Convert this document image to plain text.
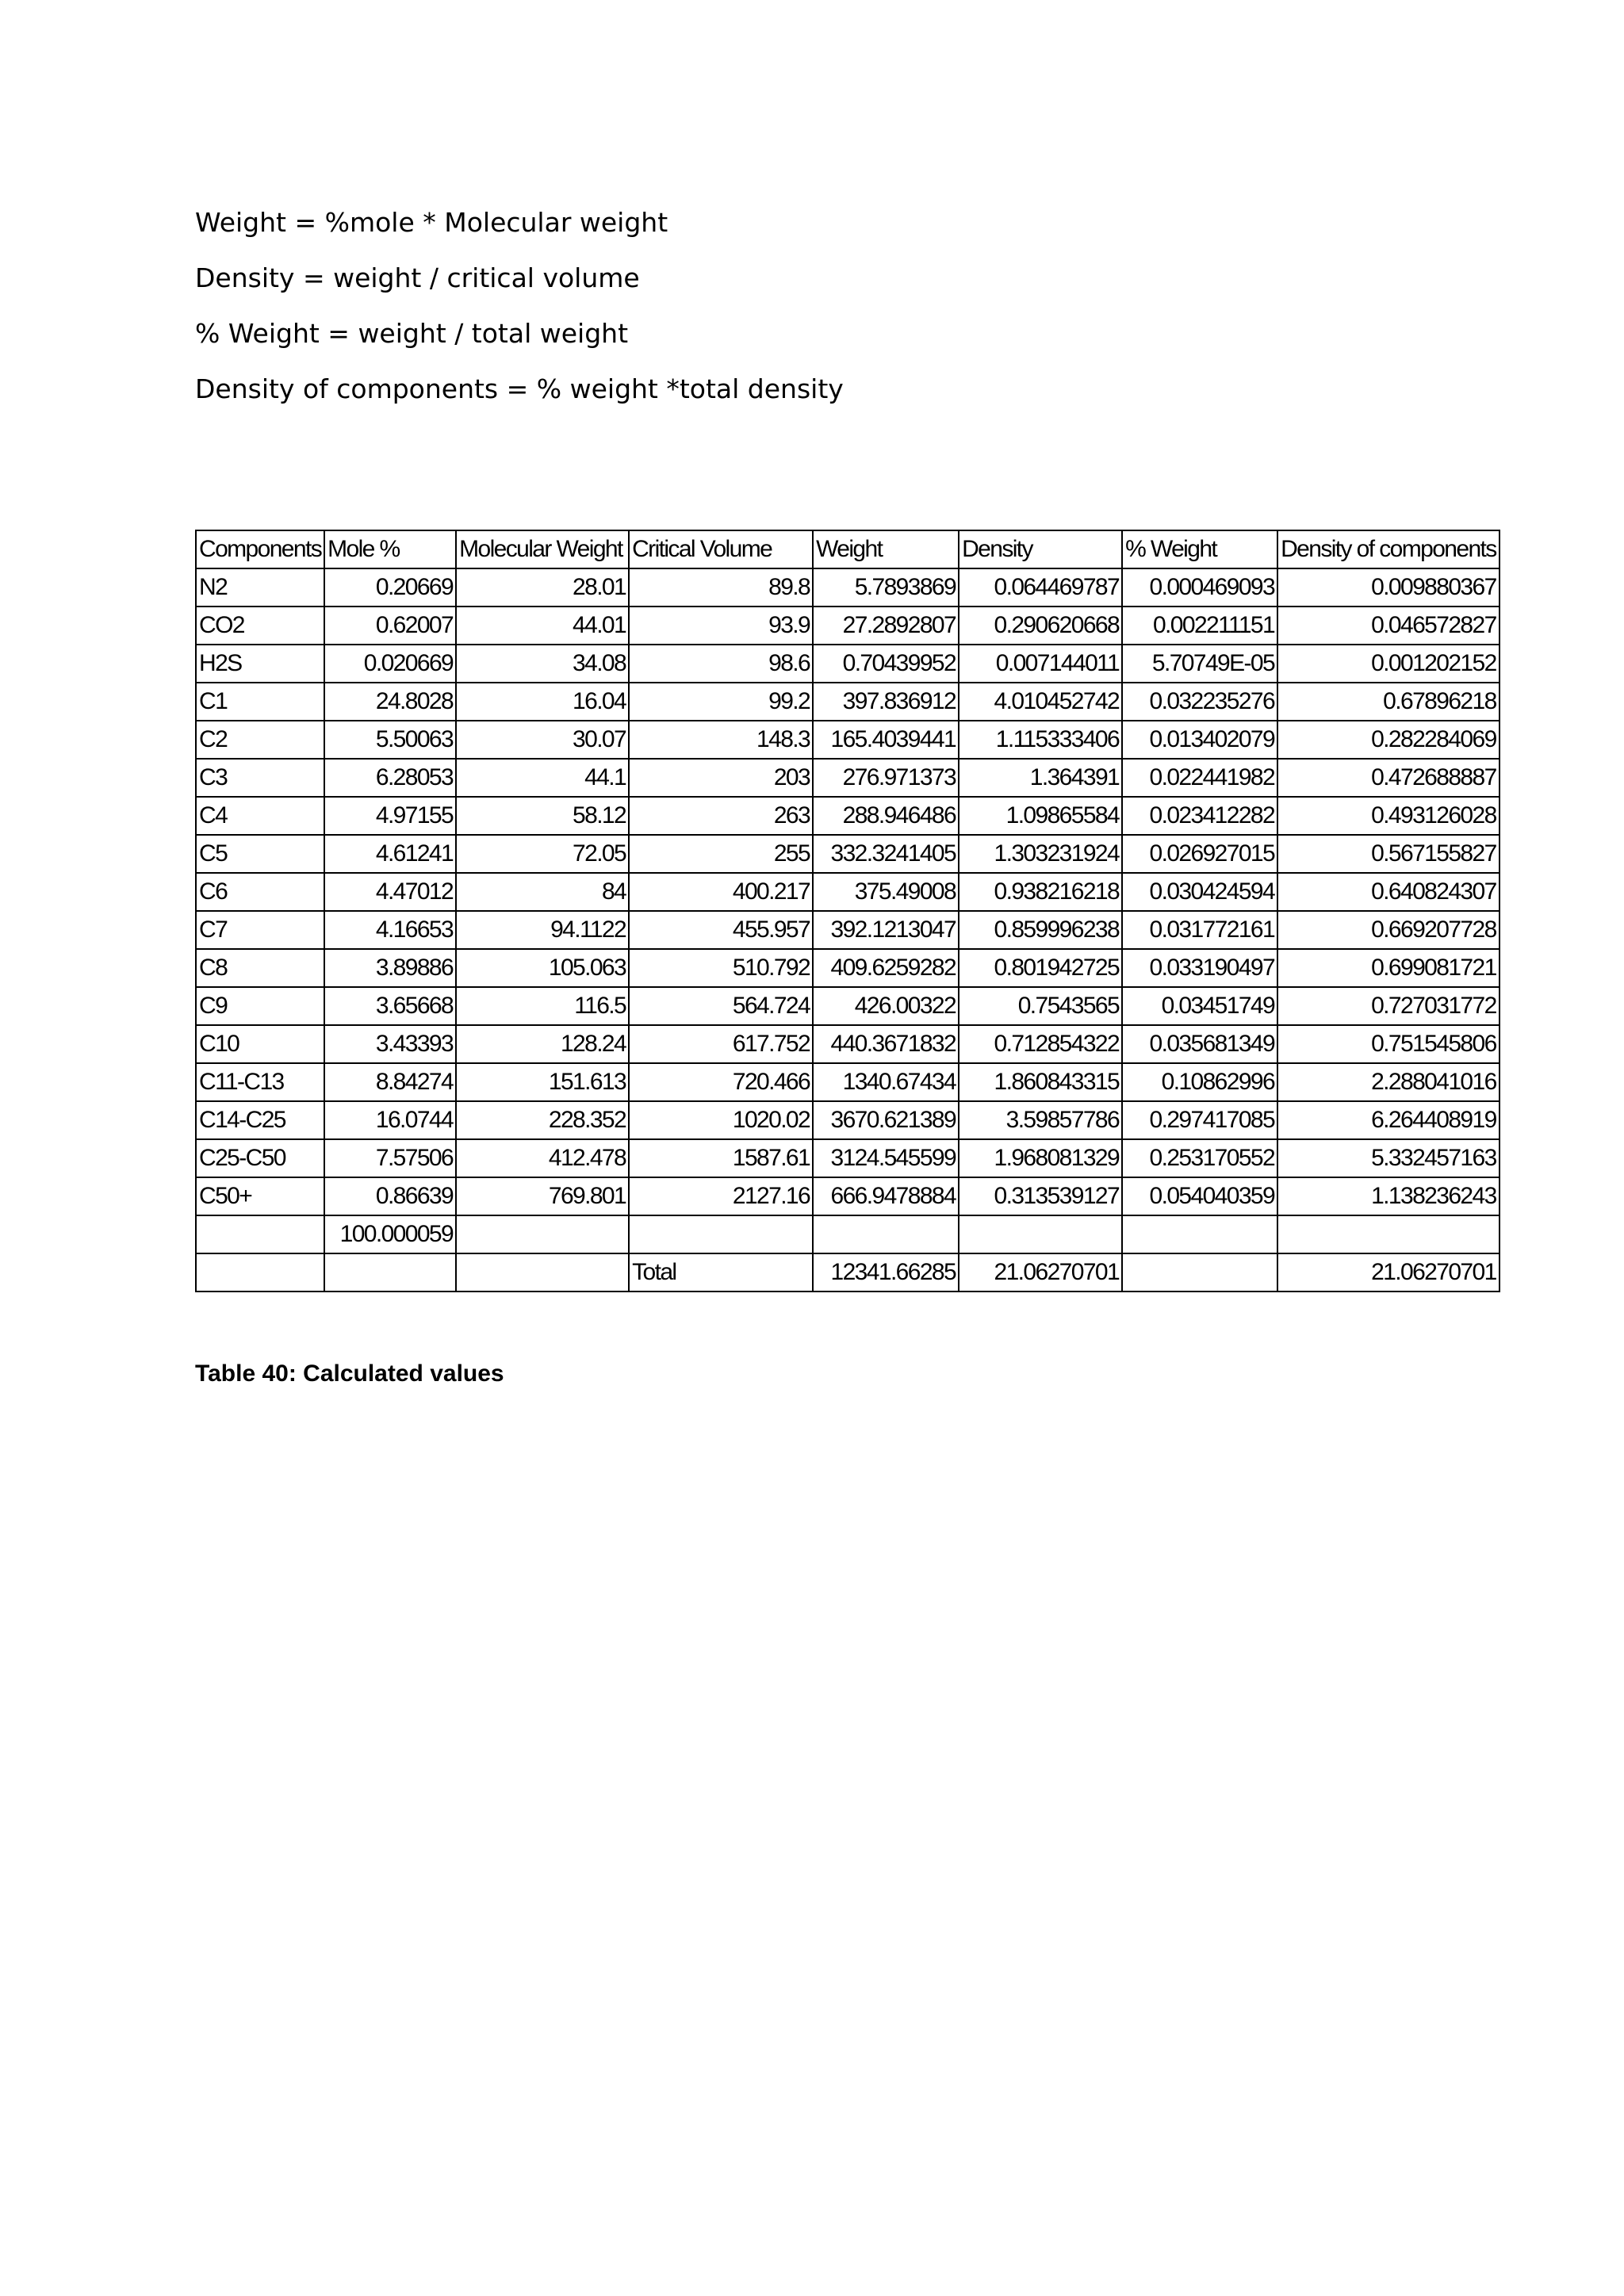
Weight = %mole * Molecular weight
Density = weight / critical volume
% Weight = weight / total weight
Density of components = % weight *total density
Components	Mole %	Molecular Weight	Critical Volume	Weight	Density	% Weight	Density of components
N2	0.20669	28.01	89.8	5.7893869	0.064469787	0.000469093	0.009880367
CO2	0.62007	44.01	93.9	27.2892807	0.290620668	0.002211151	0.046572827
H2S	0.020669	34.08	98.6	0.70439952	0.007144011	5.70749E-05	0.001202152
C1	24.8028	16.04	99.2	397.836912	4.010452742	0.032235276	0.67896218
C2	5.50063	30.07	148.3	165.4039441	1.115333406	0.013402079	0.282284069
C3	6.28053	44.1	203	276.971373	1.364391	0.022441982	0.472688887
C4	4.97155	58.12	263	288.946486	1.09865584	0.023412282	0.493126028
C5	4.61241	72.05	255	332.3241405	1.303231924	0.026927015	0.567155827
C6	4.47012	84	400.217	375.49008	0.938216218	0.030424594	0.640824307
C7	4.16653	94.1122	455.957	392.1213047	0.859996238	0.031772161	0.669207728
C8	3.89886	105.063	510.792	409.6259282	0.801942725	0.033190497	0.699081721
C9	3.65668	116.5	564.724	426.00322	0.7543565	0.03451749	0.727031772
C10	3.43393	128.24	617.752	440.3671832	0.712854322	0.035681349	0.751545806
C11-C13	8.84274	151.613	720.466	1340.67434	1.860843315	0.10862996	2.288041016
C14-C25	16.0744	228.352	1020.02	3670.621389	3.59857786	0.297417085	6.264408919
C25-C50	7.57506	412.478	1587.61	3124.545599	1.968081329	0.253170552	5.332457163
C50+	0.86639	769.801	2127.16	666.9478884	0.313539127	0.054040359	1.138236243
	100.000059						
			Total	12341.66285	21.06270701		21.06270701
Table 40: Calculated values
